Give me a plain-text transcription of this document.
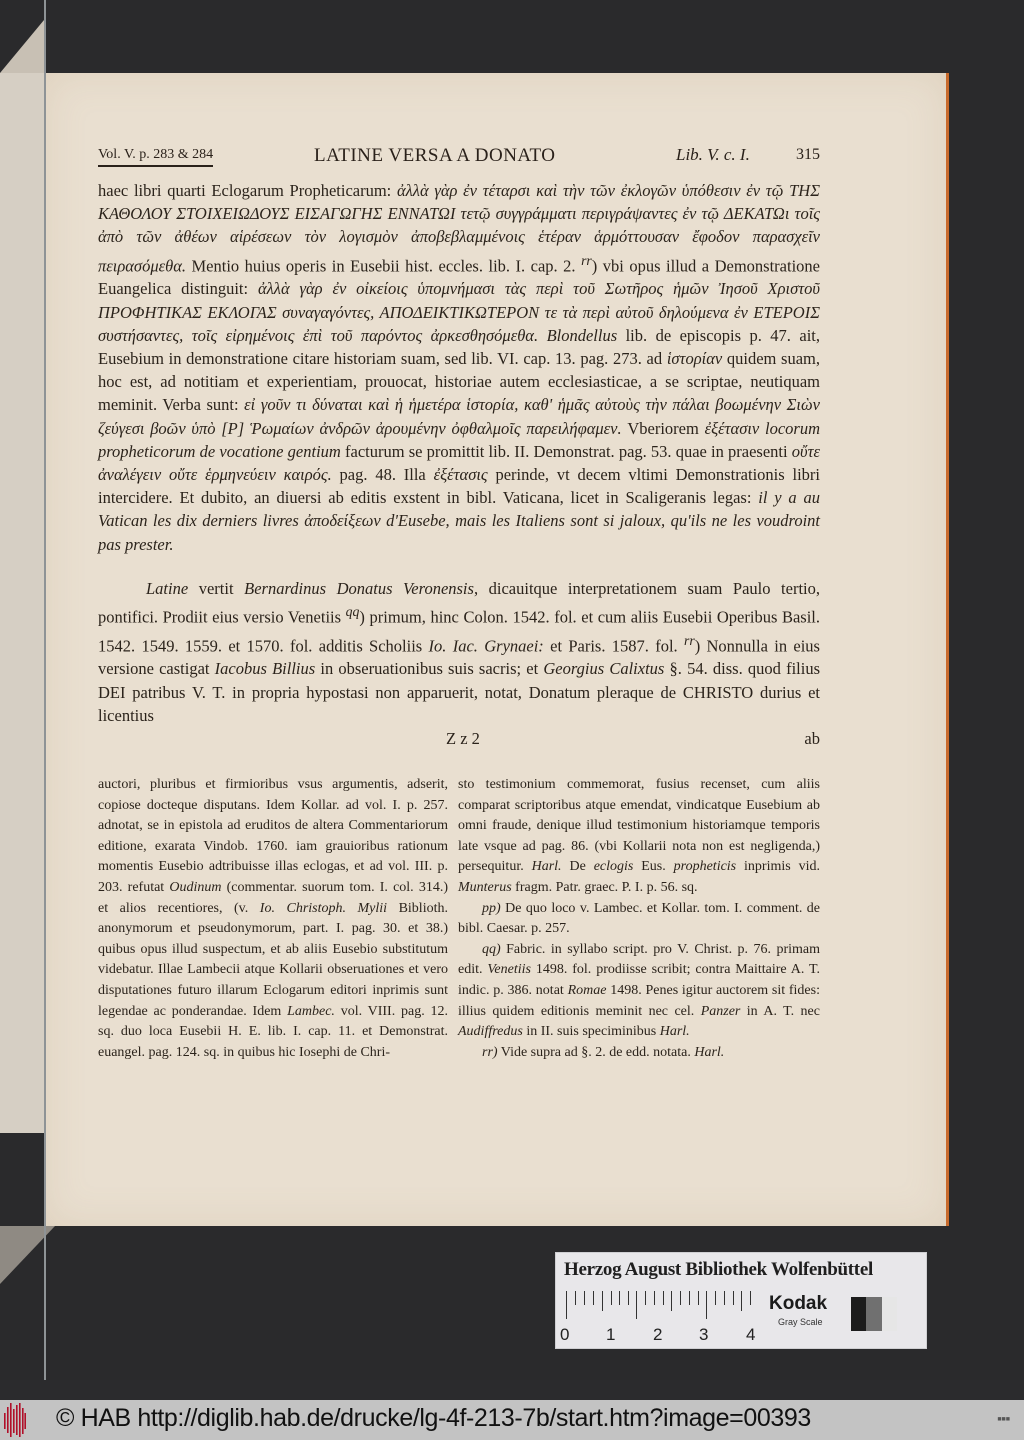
Vol. V. p. 283 & 284	LATINE VERSA A DONATO	Lib. V. c. I.	315

haec libri quarti Eclogarum Propheticarum: ἀλλὰ γὰρ ἐν τέταρσι καὶ τὴν τῶν ἐκλογῶν ὑπόθεσιν ἐν τῷ ΤΗΣ ΚΑΘΟΛΟΥ ΣΤΟΙΧΕΙΩΔΟΥΣ ΕΙΣΑΓΩΓΗΣ ΕΝΝΑΤΩΙ τετῷ συγγράμματι περιγράψαντες ἐν τῷ ΔΕΚΑΤΩι τοῖς ἀπὸ τῶν ἀθέων αἱρέσεων τὸν λογισμὸν ἀποβεβλαμμένοις ἑτέραν ἁρμόττουσαν ἔφοδον παρασχεῖν πειρασόμεθα. Mentio huius operis in Eusebii hist. eccles. lib. I. cap. 2. $^{rr}$) vbi opus illud a Demonstratione Euangelica distinguit: ἀλλὰ γὰρ ἐν οἰκείοις ὑπομνήμασι τὰς περὶ τοῦ Σωτῆρος ἡμῶν Ἰησοῦ Χριστοῦ ΠΡΟΦΗΤΙΚΑΣ ΕΚΛΟΓΑΣ συναγαγόντες, ΑΠΟΔΕΙΚΤΙΚΩΤΕΡΟΝ τε τὰ περὶ αὐτοῦ δηλούμενα ἐν ΕΤΕΡΟΙΣ συστήσαντες, τοῖς εἰρημένοις ἐπὶ τοῦ παρόντος ἀρκεσθησόμεθα. Blondellus lib. de episcopis p. 47. ait, Eusebium in demonstratione citare historiam suam, sed lib. VI. cap. 13. pag. 273. ad ἱστορίαν quidem suam, hoc est, ad notitiam et experientiam, prouocat, historiae autem ecclesiasticae, a se scriptae, neutiquam meminit. Verba sunt: εἰ γοῦν τι δύναται καὶ ἡ ἡμετέρα ἱστορία, καθ' ἡμᾶς αὐτοὺς τὴν πάλαι βοωμένην Σιὼν ζεύγεσι βοῶν ὑπὸ [P] Ῥωμαίων ἀνδρῶν ἀρουμένην ὀφθαλμοῖς παρειλήφαμεν. Vberiorem ἐξέτασιν locorum propheticorum de vocatione gentium facturum se promittit lib. II. Demonstrat. pag. 53. quae in praesenti οὔτε ἀναλέγειν οὔτε ἑρμηνεύειν καιρός. pag. 48. Illa ἐξέτασις perinde, vt decem vltimi Demonstrationis libri intercidere. Et dubito, an diuersi ab editis exstent in bibl. Vaticana, licet in Scaligeranis legas: il y a au Vatican les dix derniers livres ἀποδείξεων d'Eusebe, mais les Italiens sont si jaloux, qu'ils ne les voudroint pas prester.

Latine vertit Bernardinus Donatus Veronensis, dicauitque interpretationem suam Paulo tertio, pontifici. Prodiit eius versio Venetiis $^{qq}$) primum, hinc Colon. 1542. fol. et cum aliis Eusebii Operibus Basil. 1542. 1549. 1559. et 1570. fol. additis Scholiis Io. Iac. Grynaei: et Paris. 1587. fol. $^{rr}$) Nonnulla in eius versione castigat Iacobus Billius in obseruationibus suis sacris; et Georgius Calixtus §. 54. diss. quod filius DEI patribus V. T. in propria hypostasi non apparuerit, notat, Donatum pleraque de CHRISTO durius et licentius

Z z 2	ab

auctori, pluribus et firmioribus vsus argumentis, adserit, copiose docteque disputans. Idem Kollar. ad vol. I. p. 257. adnotat, se in epistola ad eruditos de altera Commentariorum editione, exarata Vindob. 1760. iam grauioribus rationum momentis Eusebio adtribuisse illas eclogas, et ad vol. III. p. 203. refutat Oudinum (commentar. suorum tom. I. col. 314.) et alios recentiores, (v. Io. Christoph. Mylii Biblioth. anonymorum et pseudonymorum, part. I. pag. 30. et 38.) quibus opus illud suspectum, et ab aliis Eusebio substitutum videbatur. Illae Lambecii atque Kollarii obseruationes et vero disputationes futuro illarum Eclogarum editori inprimis sunt legendae ac ponderandae. Idem Lambec. vol. VIII. pag. 12. sq. duo loca Eusebii H. E. lib. I. cap. 11. et Demonstrat. euangel. pag. 124. sq. in quibus hic Iosephi de Chri-

sto testimonium commemorat, fusius recenset, cum aliis comparat scriptoribus atque emendat, vindicatque Eusebium ab omni fraude, denique illud testimonium historiamque temporis late vsque ad pag. 86. (vbi Kollarii nota non est negligenda,) persequitur. Harl. De eclogis Eus. propheticis inprimis vid. Munterus fragm. Patr. graec. P. I. p. 56. sq.

pp) De quo loco v. Lambec. et Kollar. tom. I. comment. de bibl. Caesar. p. 257.

qq) Fabric. in syllabo script. pro V. Christ. p. 76. primam edit. Venetiis 1498. fol. prodiisse scribit; contra Maittaire A. T. indic. p. 386. notat Romae 1498. Penes igitur auctorem sit fides: illius quidem editionis meminit nec cel. Panzer in A. T. nec Audiffredus in II. suis speciminibus Harl.

rr) Vide supra ad §. 2. de edd. notata. Harl.

Herzog August Bibliothek Wolfenbüttel
0 1 2 3 4
Kodak
Gray Scale
© HAB http://diglib.hab.de/drucke/lg-4f-213-7b/start.htm?image=00393	■■■
